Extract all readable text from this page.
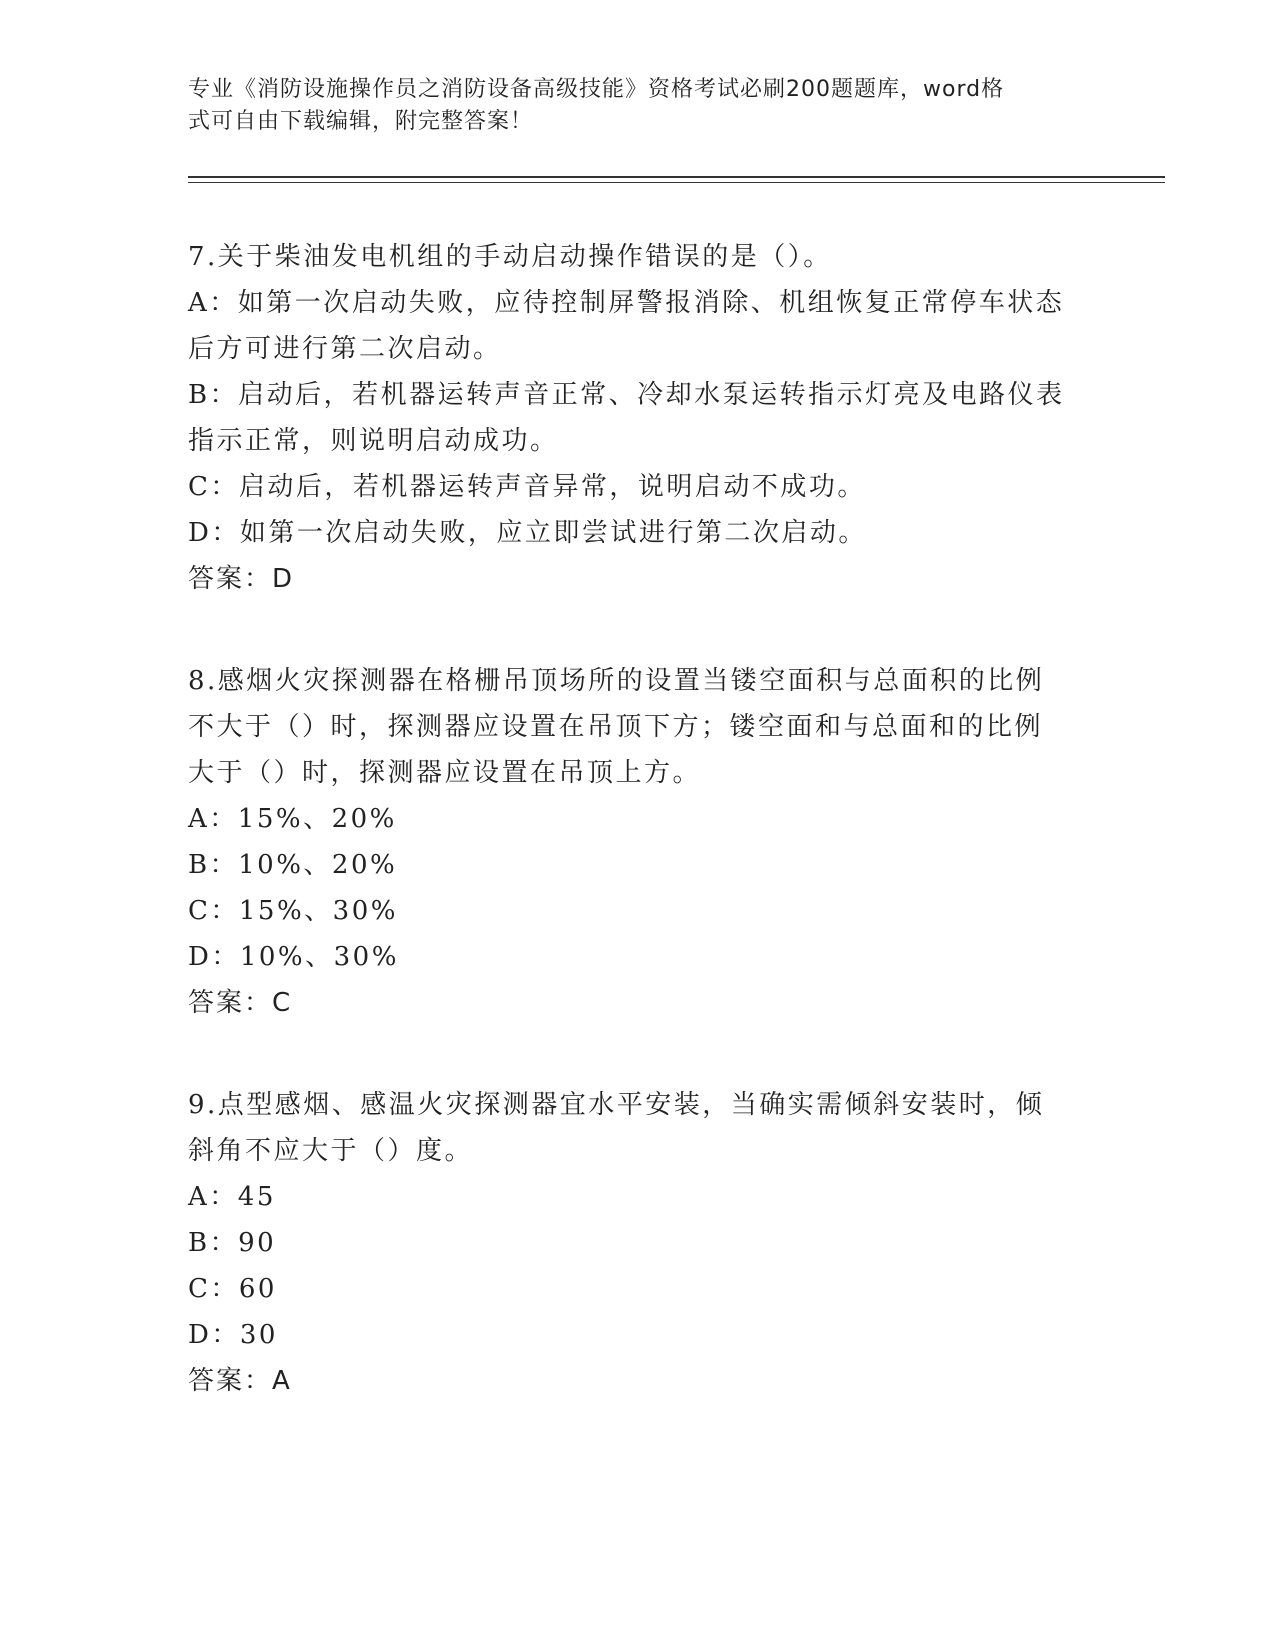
专业《消防设施操作员之消防设备高级技能》资格考试必刷200题题库，word格
式可自由下载编辑，附完整答案！
7.关于柴油发电机组的手动启动操作错误的是（）。
A：如第一次启动失败，应待控制屏警报消除、机组恢复正常停车状态
后方可进行第二次启动。
B：启动后，若机器运转声音正常、冷却水泵运转指示灯亮及电路仪表
指示正常，则说明启动成功。
C：启动后，若机器运转声音异常，说明启动不成功。
D：如第一次启动失败，应立即尝试进行第二次启动。
答案：D
8.感烟火灾探测器在格栅吊顶场所的设置当镂空面积与总面积的比例
不大于（）时，探测器应设置在吊顶下方；镂空面和与总面和的比例
大于（）时，探测器应设置在吊顶上方。
A：15%、20%
B：10%、20%
C：15%、30%
D：10%、30%
答案：C
9.点型感烟、感温火灾探测器宜水平安装，当确实需倾斜安装时，倾
斜角不应大于（）度。
A：45
B：90
C：60
D：30
答案：A
